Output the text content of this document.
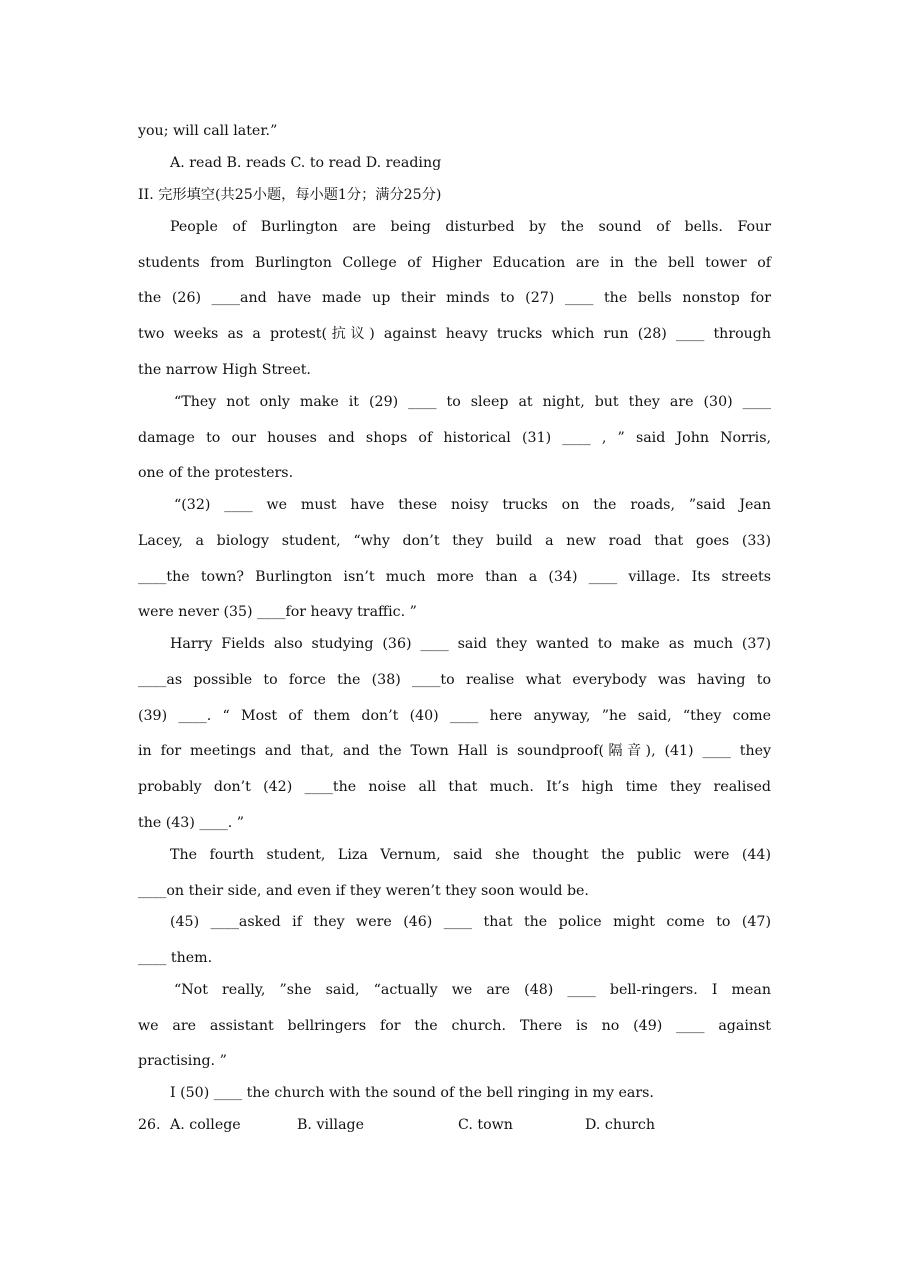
you; will call later.”
A. read B. reads C. to read D. reading
II. 完形填空(共25小题，每小题1分；满分25分)
People of Burlington are being disturbed by the sound of bells. Four
students from Burlington College of Higher Education are in the bell tower of
the (26) ____and have made up their minds to (27) ____ the bells nonstop for
two weeks as a protest(抗议) against heavy trucks which run (28) ____ through
the narrow High Street.
“They not only make it (29) ____ to sleep at night, but they are (30) ____
damage to our houses and shops of historical (31) ____ , ” said John Norris,
one of the protesters.
“(32) ____ we must have these noisy trucks on the roads, ”said Jean
Lacey, a biology student, “why don’t they build a new road that goes (33)
____the town? Burlington isn’t much more than a (34) ____ village. Its streets
were never (35) ____for heavy traffic. ”
Harry Fields also studying (36) ____ said they wanted to make as much (37)
____as possible to force the (38) ____to realise what everybody was having to
(39) ____. “ Most of them don’t (40) ____ here anyway, ”he said, “they come
in for meetings and that, and the Town Hall is soundproof(隔音), (41) ____ they
probably don’t (42) ____the noise all that much. It’s high time they realised
the (43) ____. ”
The fourth student, Liza Vernum, said she thought the public were (44)
____on their side, and even if they weren’t they soon would be.
(45) ____asked if they were (46) ____ that the police might come to (47)
____ them.
“Not really, ”she said, “actually we are (48) ____ bell-ringers. I mean
we are assistant bellringers for the church. There is no (49) ____ against
practising. ”
I (50) ____ the church with the sound of the bell ringing in my ears.
26. A. college	B. village	C. town	D. church
